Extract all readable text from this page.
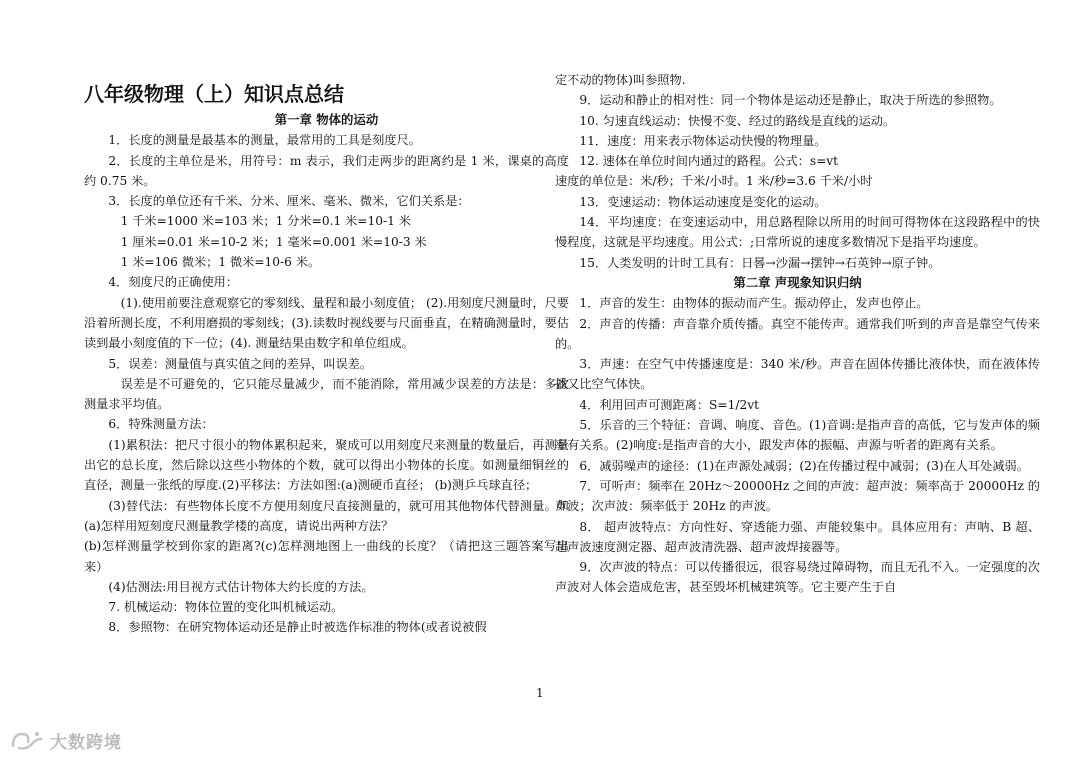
八年级物理（上）知识点总结

第一章 物体的运动

1．长度的测量是最基本的测量，最常用的工具是刻度尺。

2．长度的主单位是米，用符号：m 表示，我们走两步的距离约是 1 米，课桌的高度约 0.75 米。

3．长度的单位还有千米、分米、厘米、毫米、微米，它们关系是：

1 千米=1000 米=103 米；1 分米=0.1 米=10-1 米

1 厘米=0.01 米=10-2 米；1 毫米=0.001 米=10-3 米

1 米=106 微米；1 微米=10-6 米。

4．刻度尺的正确使用：

(1).使用前要注意观察它的零刻线、量程和最小刻度值； (2).用刻度尺测量时，尺要沿着所测长度，不利用磨损的零刻线；(3).读数时视线要与尺面垂直，在精确测量时，要估读到最小刻度值的下一位；(4). 测量结果由数字和单位组成。

5．误差：测量值与真实值之间的差异，叫误差。

误差是不可避免的，它只能尽量减少，而不能消除，常用减少误差的方法是：多次测量求平均值。

6．特殊测量方法：

(1)累积法：把尺寸很小的物体累积起来，聚成可以用刻度尺来测量的数量后，再测量出它的总长度，然后除以这些小物体的个数，就可以得出小物体的长度。如测量细铜丝的直径，测量一张纸的厚度.(2)平移法：方法如图:(a)测硬币直径； (b)测乒乓球直径；

(3)替代法：有些物体长度不方便用刻度尺直接测量的，就可用其他物体代替测量。如(a)怎样用短刻度尺测量教学楼的高度，请说出两种方法？

(b)怎样测量学校到你家的距离?(c)怎样测地图上一曲线的长度？（请把这三题答案写出来）

(4)估测法:用目视方式估计物体大约长度的方法。

7. 机械运动：物体位置的变化叫机械运动。

8．参照物：在研究物体运动还是静止时被选作标准的物体(或者说被假

定不动的物体)叫参照物.

9．运动和静止的相对性：同一个物体是运动还是静止，取决于所选的参照物。

10. 匀速直线运动：快慢不变、经过的路线是直线的运动。

11．速度：用来表示物体运动快慢的物理量。

12. 速体在单位时间内通过的路程。公式：s=vt

速度的单位是：米/秒；千米/小时。1 米/秒=3.6 千米/小时

13．变速运动：物体运动速度是变化的运动。

14．平均速度：在变速运动中，用总路程除以所用的时间可得物体在这段路程中的快慢程度，这就是平均速度。用公式：;日常所说的速度多数情况下是指平均速度。

15．人类发明的计时工具有：日晷→沙漏→摆钟→石英钟→原子钟。

第二章 声现象知识归纳

1．声音的发生：由物体的振动而产生。振动停止，发声也停止。

2．声音的传播：声音靠介质传播。真空不能传声。通常我们听到的声音是靠空气传来的。

3．声速：在空气中传播速度是：340 米/秒。声音在固体传播比液体快，而在液体传播又比空气体快。

4．利用回声可测距离：S=1/2vt

5．乐音的三个特征：音调、响度、音色。(1)音调:是指声音的高低，它与发声体的频率有关系。(2)响度:是指声音的大小，跟发声体的振幅、声源与听者的距离有关系。

6．减弱噪声的途径：(1)在声源处减弱；(2)在传播过程中减弱；(3)在人耳处减弱。

7．可听声：频率在 20Hz～20000Hz 之间的声波：超声波：频率高于 20000Hz 的声波；次声波：频率低于 20Hz 的声波。

8． 超声波特点：方向性好、穿透能力强、声能较集中。具体应用有：声呐、B 超、超声波速度测定器、超声波清洗器、超声波焊接器等。

9．次声波的特点：可以传播很远，很容易绕过障碍物，而且无孔不入。一定强度的次声波对人体会造成危害，甚至毁坏机械建筑等。它主要产生于自

1
大数跨境
